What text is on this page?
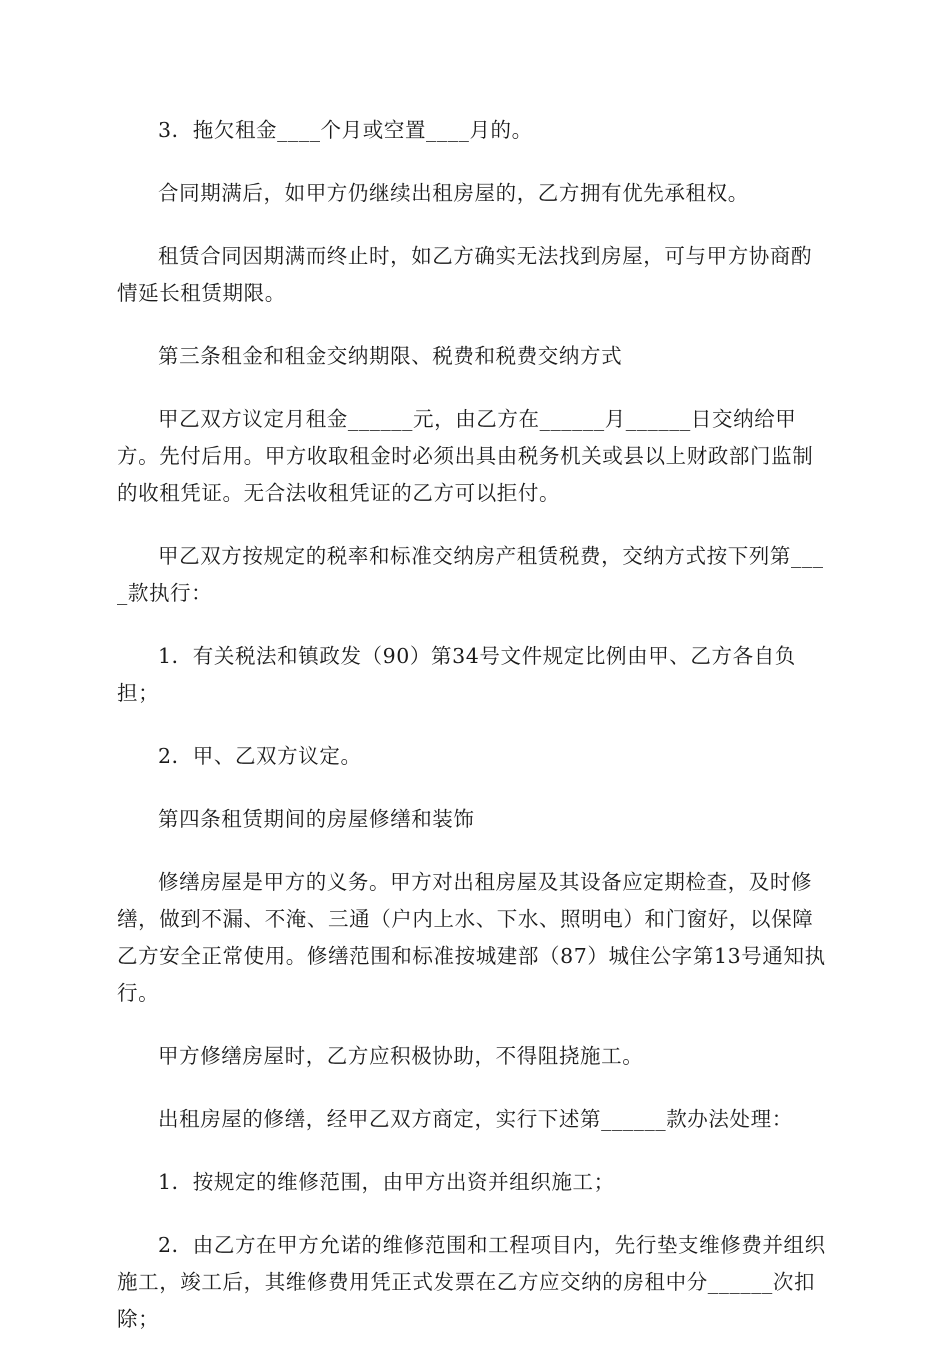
3．拖欠租金____个月或空置____月的。

合同期满后，如甲方仍继续出租房屋的，乙方拥有优先承租权。

租赁合同因期满而终止时，如乙方确实无法找到房屋，可与甲方协商酌情延长租赁期限。

第三条租金和租金交纳期限、税费和税费交纳方式

甲乙双方议定月租金______元，由乙方在______月______日交纳给甲方。先付后用。甲方收取租金时必须出具由税务机关或县以上财政部门监制的收租凭证。无合法收租凭证的乙方可以拒付。

甲乙双方按规定的税率和标准交纳房产租赁税费，交纳方式按下列第____款执行：

1．有关税法和镇政发（90）第34号文件规定比例由甲、乙方各自负担；

2．甲、乙双方议定。

第四条租赁期间的房屋修缮和装饰

修缮房屋是甲方的义务。甲方对出租房屋及其设备应定期检查，及时修缮，做到不漏、不淹、三通（户内上水、下水、照明电）和门窗好，以保障乙方安全正常使用。修缮范围和标准按城建部（87）城住公字第13号通知执行。

甲方修缮房屋时，乙方应积极协助，不得阻挠施工。

出租房屋的修缮，经甲乙双方商定，实行下述第______款办法处理：

1．按规定的维修范围，由甲方出资并组织施工；

2．由乙方在甲方允诺的维修范围和工程项目内，先行垫支维修费并组织施工，竣工后，其维修费用凭正式发票在乙方应交纳的房租中分______次扣除；
